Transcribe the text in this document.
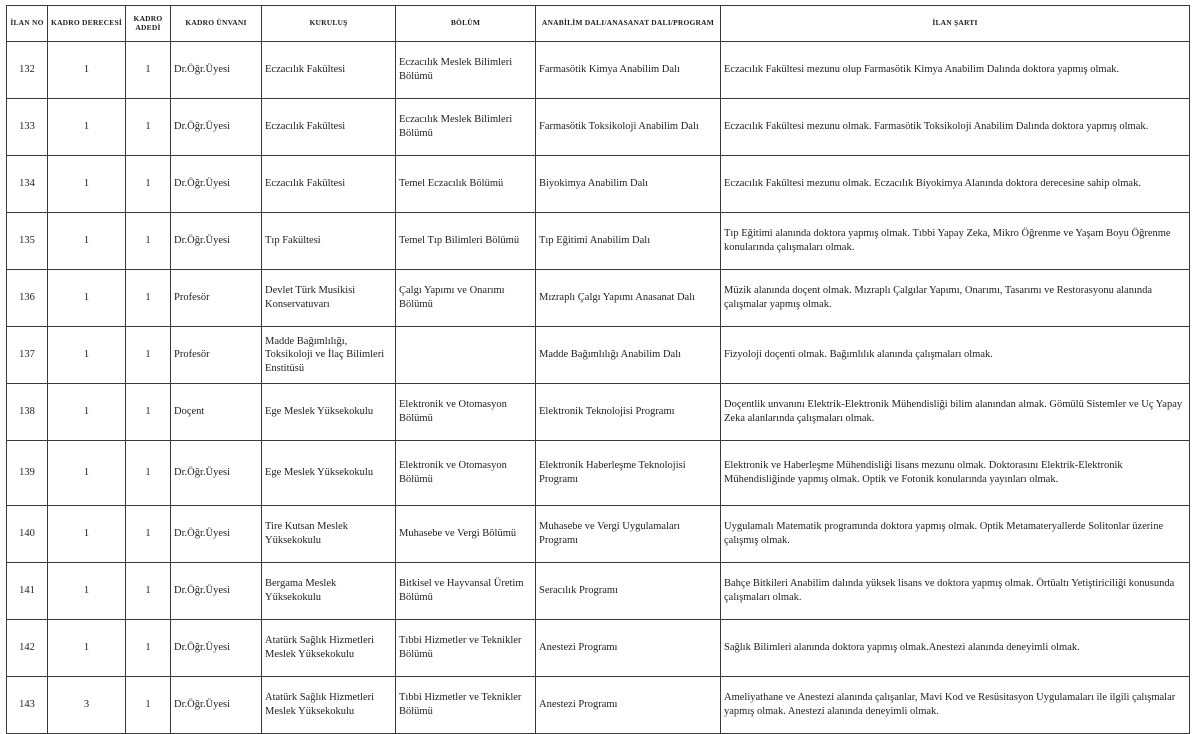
İLAN NO	KADRO DERECESİ	KADRO ADEDİ	KADRO ÜNVANI	KURULUŞ	BÖLÜM	ANABİLİM DALI/ANASANAT DALI/PROGRAM	İLAN ŞARTI
132	1	1	Dr.Öğr.Üyesi	Eczacılık Fakültesi	Eczacılık Meslek Bilimleri Bölümü	Farmasötik Kimya Anabilim Dalı	Eczacılık Fakültesi mezunu olup Farmasötik Kimya Anabilim Dalında doktora yapmış olmak.
133	1	1	Dr.Öğr.Üyesi	Eczacılık Fakültesi	Eczacılık Meslek Bilimleri Bölümü	Farmasötik Toksikoloji Anabilim Dalı	Eczacılık Fakültesi mezunu olmak. Farmasötik Toksikoloji Anabilim Dalında doktora yapmış olmak.
134	1	1	Dr.Öğr.Üyesi	Eczacılık Fakültesi	Temel Eczacılık Bölümü	Biyokimya Anabilim Dalı	Eczacılık Fakültesi mezunu olmak. Eczacılık Biyokimya Alanında doktora derecesine sahip olmak.
135	1	1	Dr.Öğr.Üyesi	Tıp Fakültesi	Temel Tıp Bilimleri Bölümü	Tıp Eğitimi Anabilim Dalı	Tıp Eğitimi alanında doktora yapmış olmak. Tıbbi Yapay Zeka, Mikro Öğrenme ve Yaşam Boyu Öğrenme konularında çalışmaları olmak.
136	1	1	Profesör	Devlet Türk Musikisi Konservatuvarı	Çalgı Yapımı ve Onarımı Bölümü	Mızraplı Çalgı Yapımı Anasanat Dalı	Müzik alanında doçent olmak. Mızraplı Çalgılar Yapımı, Onarımı, Tasarımı ve Restorasyonu alanında çalışmalar yapmış olmak.
137	1	1	Profesör	Madde Bağımlılığı, Toksikoloji ve İlaç Bilimleri Enstitüsü		Madde Bağımlılığı Anabilim Dalı	Fizyoloji doçenti olmak. Bağımlılık alanında çalışmaları olmak.
138	1	1	Doçent	Ege Meslek Yüksekokulu	Elektronik ve Otomasyon Bölümü	Elektronik Teknolojisi Programı	Doçentlik unvanını Elektrik-Elektronik Mühendisliği bilim alanından almak. Gömülü Sistemler ve Uç Yapay Zeka alanlarında çalışmaları olmak.
139	1	1	Dr.Öğr.Üyesi	Ege Meslek Yüksekokulu	Elektronik ve Otomasyon Bölümü	Elektronik Haberleşme Teknolojisi Programı	Elektronik ve Haberleşme Mühendisliği lisans mezunu olmak. Doktorasını Elektrik-Elektronik Mühendisliğinde yapmış olmak. Optik ve Fotonik konularında yayınları olmak.
140	1	1	Dr.Öğr.Üyesi	Tire Kutsan Meslek Yüksekokulu	Muhasebe ve Vergi Bölümü	Muhasebe ve Vergi Uygulamaları Programı	Uygulamalı Matematik programında doktora yapmış olmak. Optik Metamateryallerde Solitonlar üzerine çalışmış olmak.
141	1	1	Dr.Öğr.Üyesi	Bergama Meslek Yüksekokulu	Bitkisel ve Hayvansal Üretim Bölümü	Seracılık Programı	Bahçe Bitkileri Anabilim dalında yüksek lisans ve doktora yapmış olmak. Örtüaltı Yetiştiriciliği konusunda çalışmaları olmak.
142	1	1	Dr.Öğr.Üyesi	Atatürk Sağlık Hizmetleri Meslek Yüksekokulu	Tıbbi Hizmetler ve Teknikler Bölümü	Anestezi Programı	Sağlık Bilimleri alanında doktora yapmış olmak.Anestezi alanında deneyimli olmak.
143	3	1	Dr.Öğr.Üyesi	Atatürk Sağlık Hizmetleri Meslek Yüksekokulu	Tıbbi Hizmetler ve Teknikler Bölümü	Anestezi Programı	Ameliyathane ve Anestezi alanında çalışanlar, Mavi Kod ve Resüsitasyon Uygulamaları ile ilgili çalışmalar yapmış olmak. Anestezi alanında deneyimli olmak.
